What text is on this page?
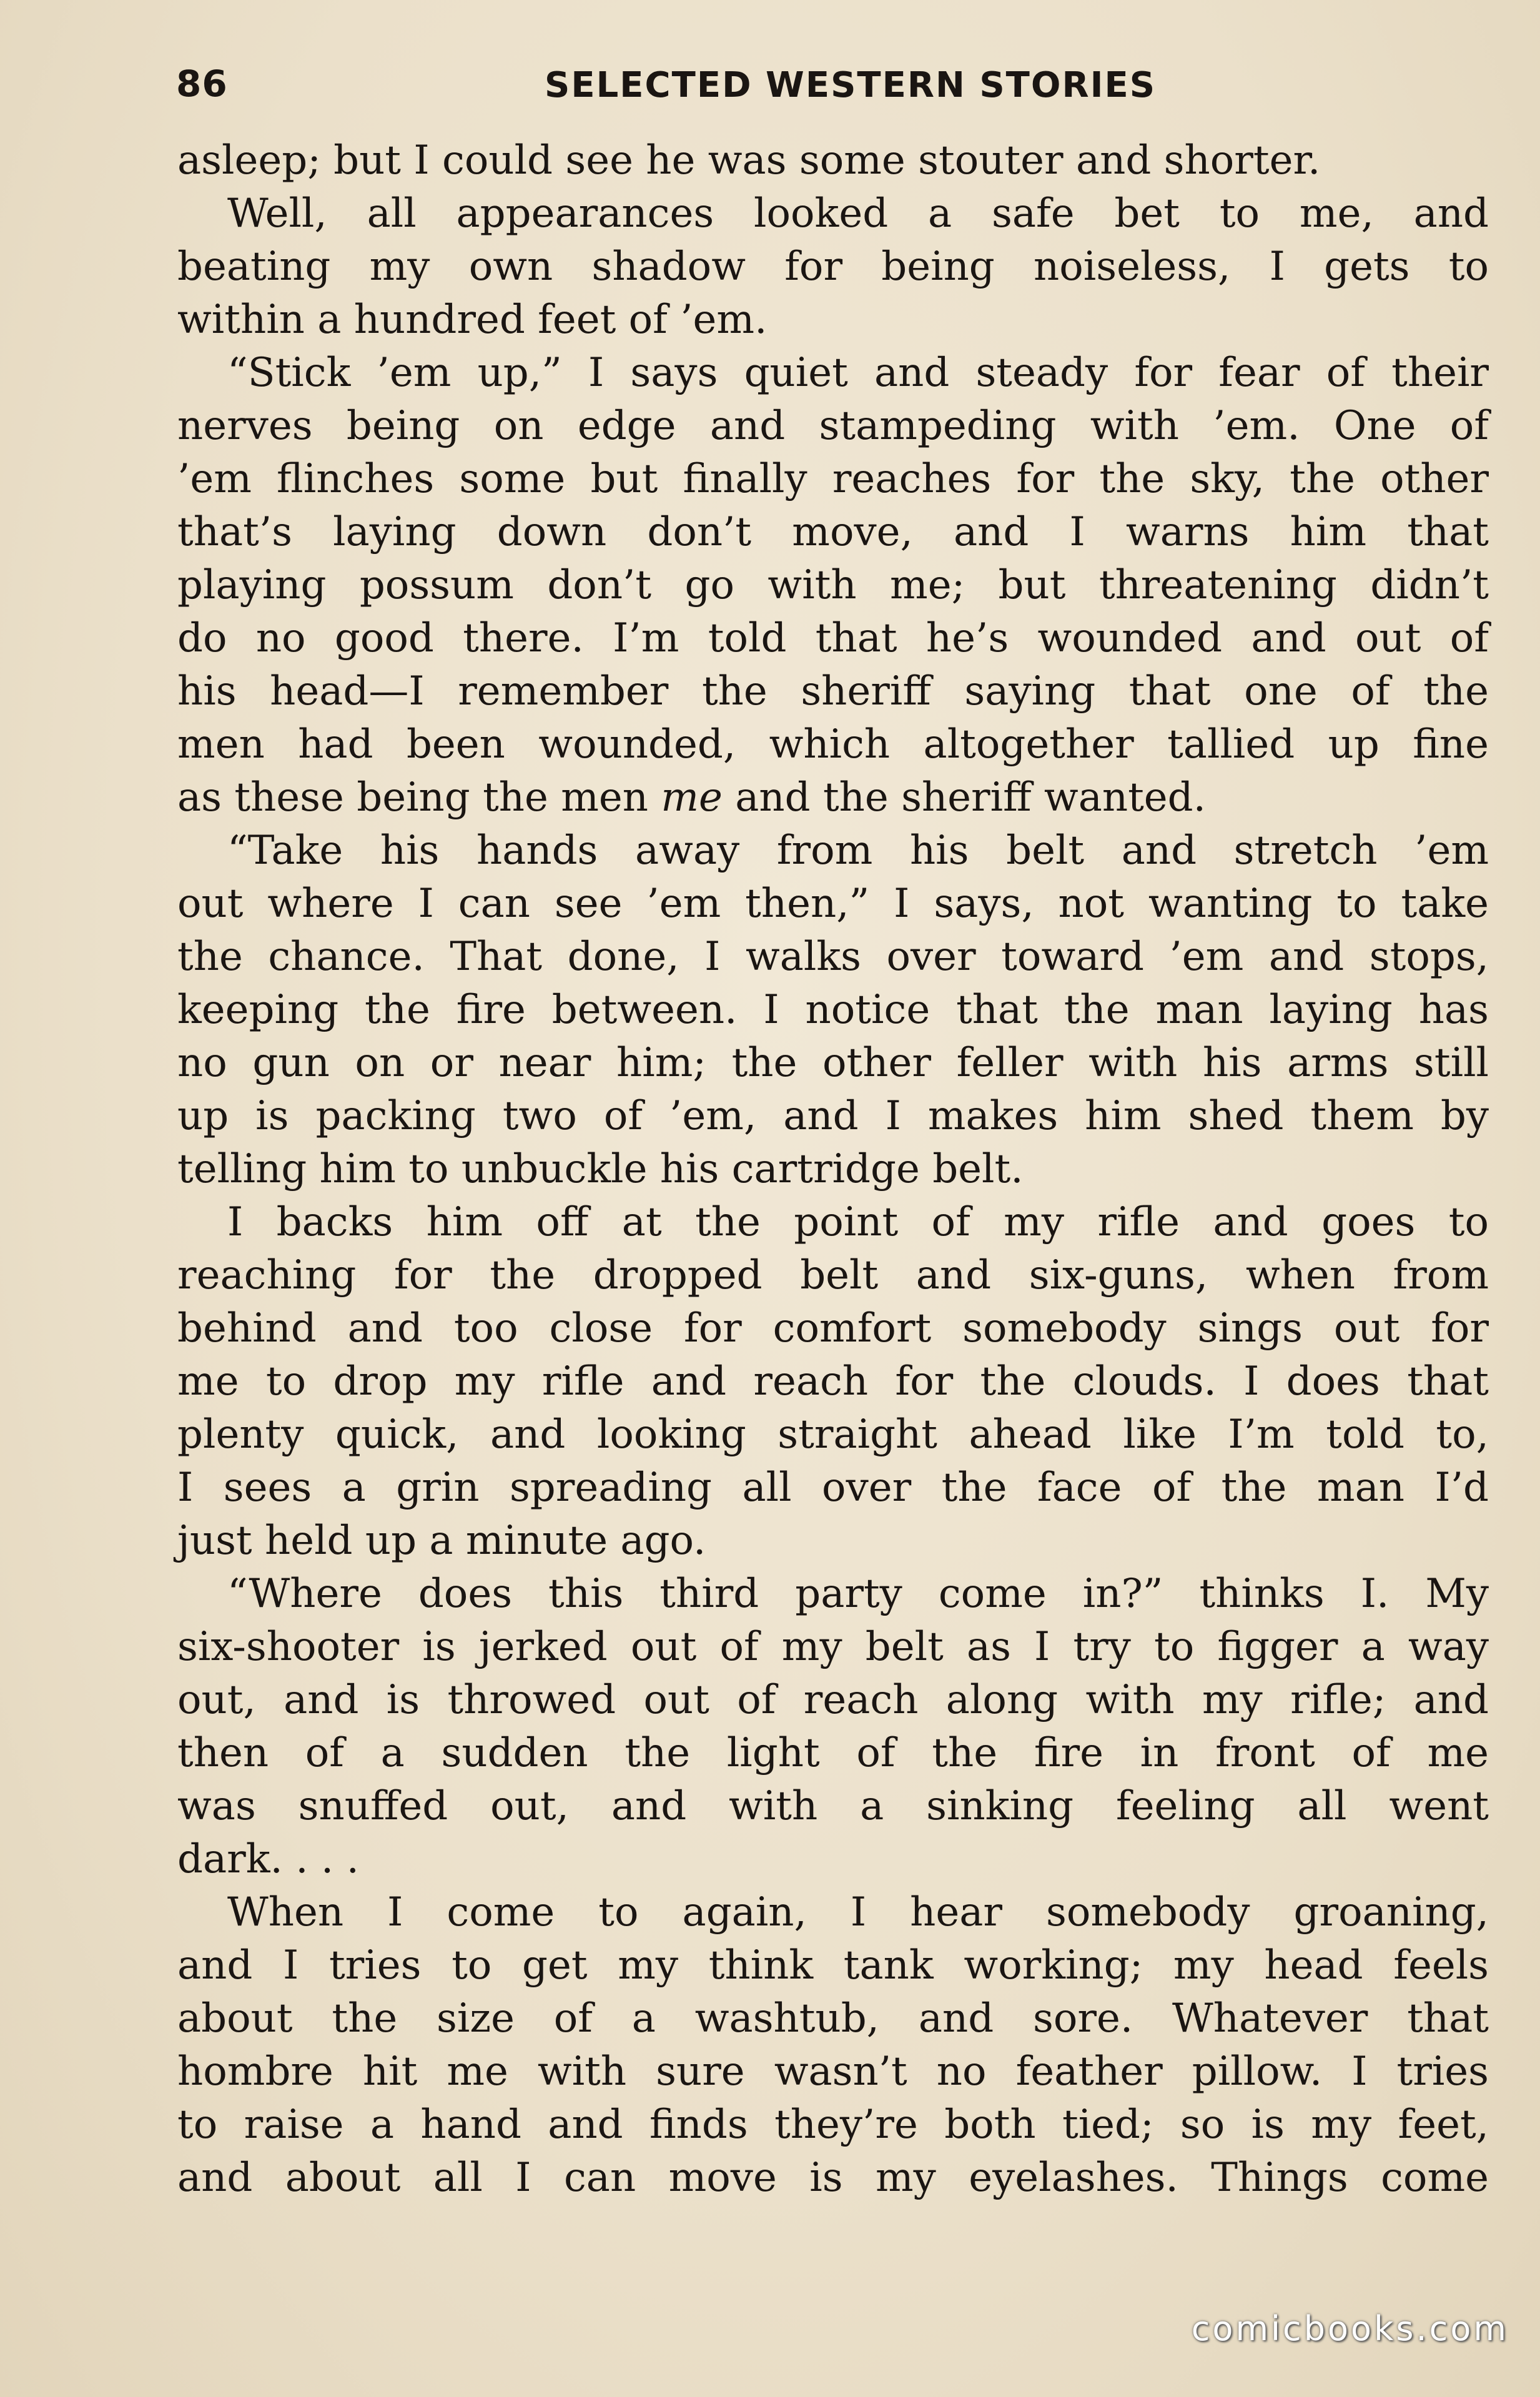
86	SELECTED WESTERN STORIES

asleep; but I could see he was some stouter and shorter.

Well, all appearances looked a safe bet to me, and

beating my own shadow for being noiseless, I gets to

within a hundred feet of ’em.

“Stick ’em up,” I says quiet and steady for fear of their

nerves being on edge and stampeding with ’em. One of

’em flinches some but finally reaches for the sky, the other

that’s laying down don’t move, and I warns him that

playing possum don’t go with me; but threatening didn’t

do no good there. I’m told that he’s wounded and out of

his head—I remember the sheriff saying that one of the

men had been wounded, which altogether tallied up fine

as these being the men me and the sheriff wanted.

“Take his hands away from his belt and stretch ’em

out where I can see ’em then,” I says, not wanting to take

the chance. That done, I walks over toward ’em and stops,

keeping the fire between. I notice that the man laying has

no gun on or near him; the other feller with his arms still

up is packing two of ’em, and I makes him shed them by

telling him to unbuckle his cartridge belt.

I backs him off at the point of my rifle and goes to

reaching for the dropped belt and six-guns, when from

behind and too close for comfort somebody sings out for

me to drop my rifle and reach for the clouds. I does that

plenty quick, and looking straight ahead like I’m told to,

I sees a grin spreading all over the face of the man I’d

just held up a minute ago.

“Where does this third party come in?” thinks I. My

six-shooter is jerked out of my belt as I try to figger a way

out, and is throwed out of reach along with my rifle; and

then of a sudden the light of the fire in front of me

was snuffed out, and with a sinking feeling all went

dark. . . .

When I come to again, I hear somebody groaning,

and I tries to get my think tank working; my head feels

about the size of a washtub, and sore. Whatever that

hombre hit me with sure wasn’t no feather pillow. I tries

to raise a hand and finds they’re both tied; so is my feet,

and about all I can move is my eyelashes. Things come

comicbooks.com
